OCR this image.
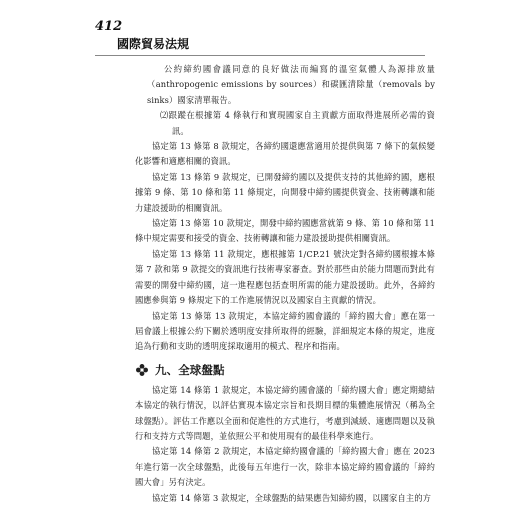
412
國際貿易法規

公約締約國會議同意的良好做法而編寫的溫室氣體人為源排放量（anthropogenic emissions by sources）和碳匯清除量（removals by sinks）國家清單報告。

⑵跟蹤在根據第 4 條執行和實現國家自主貢獻方面取得進展所必需的資訊。

協定第 13 條第 8 款規定，各締約國還應當適用於提供與第 7 條下的氣候變化影響和適應相關的資訊。

協定第 13 條第 9 款規定，已開發締約國以及提供支持的其他締約國，應根據第 9 條、第 10 條和第 11 條規定，向開發中締約國提供資金、技術轉讓和能力建設援助的相關資訊。

協定第 13 條第 10 款規定，開發中締約國應當就第 9 條、第 10 條和第 11 條中規定需要和接受的資金、技術轉讓和能力建設援助提供相關資訊。

協定第 13 條第 11 款規定，應根據第 1/CP.21 號決定對各締約國根據本條第 7 款和第 9 款提交的資訊進行技術專家審查。對於那些由於能力問題而對此有需要的開發中締約國，這一進程應包括查明所需的能力建設援助。此外，各締約國應參與第 9 條規定下的工作進展情況以及國家自主貢獻的情況。

協定第 13 條第 13 款規定，本協定締約國會議的「締約國大會」應在第一屆會議上根據公約下關於透明度安排所取得的經驗，詳細規定本條的規定，進度追為行動和支助的透明度採取適用的模式、程序和指南。

九、全球盤點

協定第 14 條第 1 款規定，本協定締約國會議的「締約國大會」應定期總結本協定的執行情況，以評估實現本協定宗旨和長期目標的集體進展情況（稱為全球盤點）。評估工作應以全面和促進性的方式進行，考慮到減緩、適應問題以及執行和支持方式等問題，並依照公平和使用現有的最佳科學來進行。

協定第 14 條第 2 款規定，本協定締約國會議的「締約國大會」應在 2023 年進行第一次全球盤點，此後每五年進行一次，除非本協定締約國會議的「締約國大會」另有決定。

協定第 14 條第 3 款規定，全球盤點的結果應告知締約國，以國家自主的方
